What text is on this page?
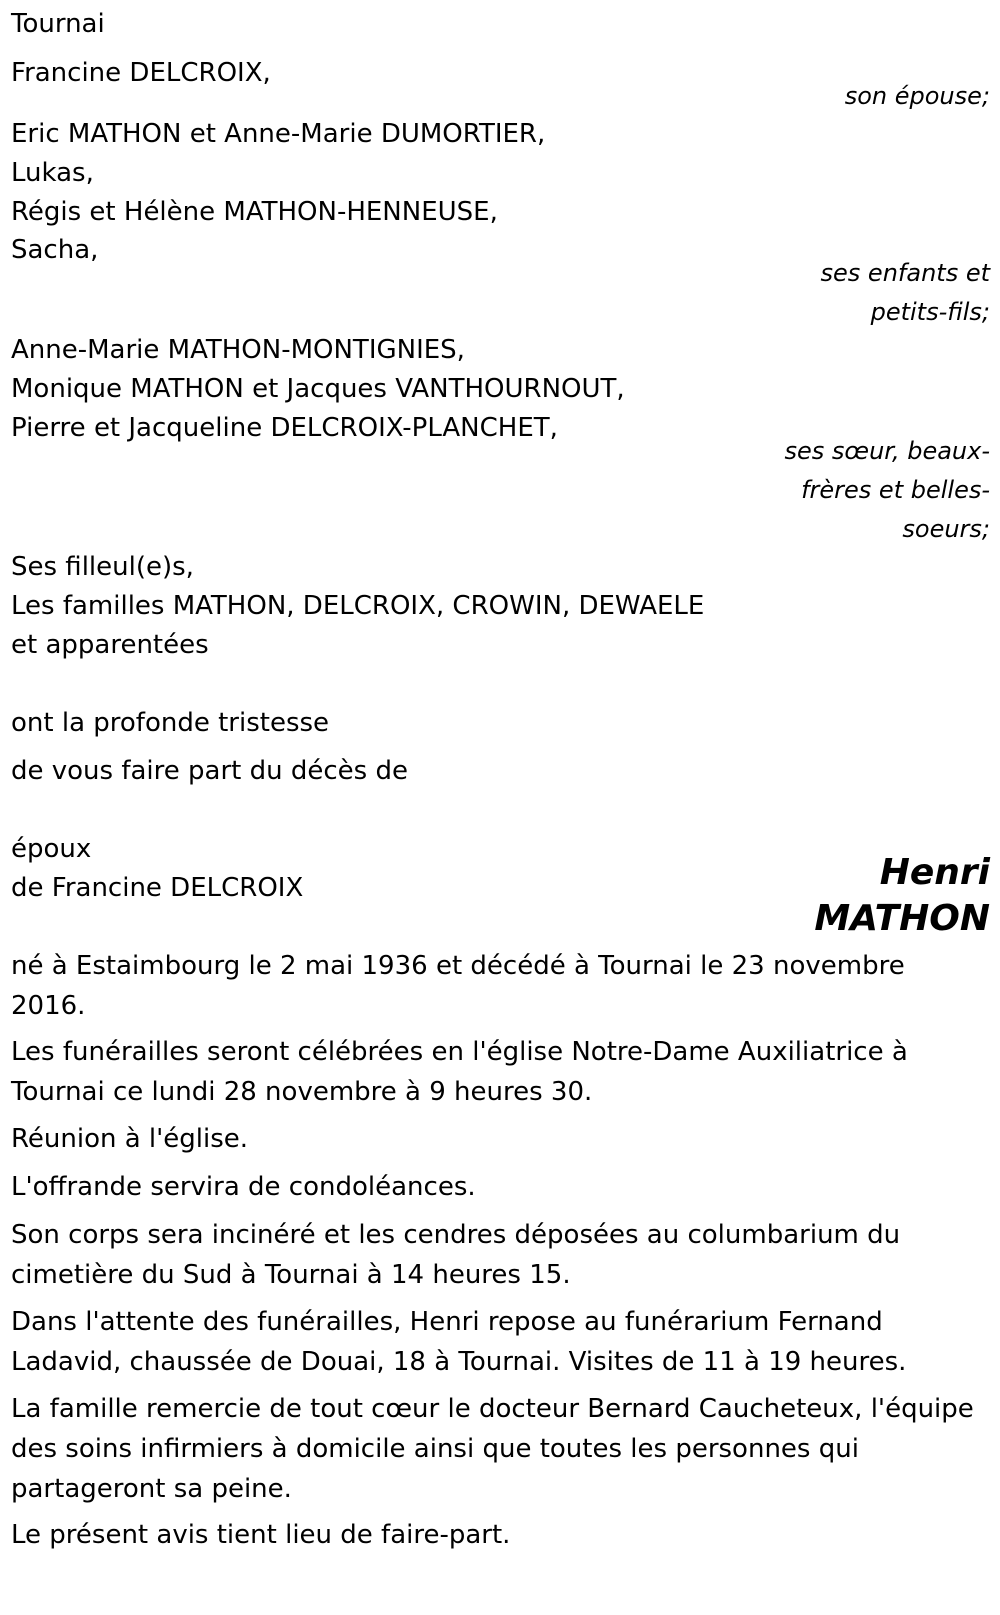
Tournai
Francine DELCROIX,
son épouse;
Eric MATHON et Anne-Marie DUMORTIER,
Lukas,
Régis et Hélène MATHON-HENNEUSE,
Sacha,
ses enfants et
petits-fils;
Anne-Marie MATHON-MONTIGNIES,
Monique MATHON et Jacques VANTHOURNOUT,
Pierre et Jacqueline DELCROIX-PLANCHET,
ses sœur, beaux-
frères et belles-
soeurs;
Ses filleul(e)s,
Les familles MATHON, DELCROIX, CROWIN, DEWAELE
et apparentées
ont la profonde tristesse
de vous faire part du décès de
époux
de Francine DELCROIX	Henri
MATHON

né à Estaimbourg le 2 mai 1936 et décédé à Tournai le 23 novembre 2016.

Les funérailles seront célébrées en l'église Notre-Dame Auxiliatrice à Tournai ce lundi 28 novembre à 9 heures 30.

Réunion à l'église.

L'offrande servira de condoléances.

Son corps sera incinéré et les cendres déposées au columbarium du cimetière du Sud à Tournai à 14 heures 15.

Dans l'attente des funérailles, Henri repose au funérarium Fernand Ladavid, chaussée de Douai, 18 à Tournai. Visites de 11 à 19 heures.

La famille remercie de tout cœur le docteur Bernard Caucheteux, l'équipe des soins infirmiers à domicile ainsi que toutes les personnes qui partageront sa peine.

Le présent avis tient lieu de faire-part.
